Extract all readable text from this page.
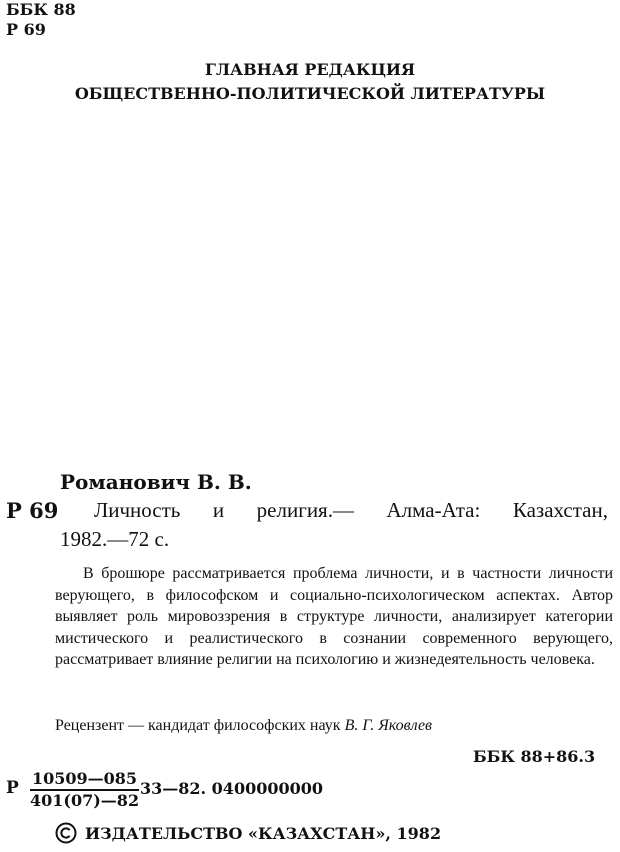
ББК 88
Р 69
ГЛАВНАЯ РЕДАКЦИЯ
ОБЩЕСТВЕННО-ПОЛИТИЧЕСКОЙ ЛИТЕРАТУРЫ
Романович В. В.
Р 69 Личность и религия.— Алма-Ата: Казахстан,
1982.—72 с.
В брошюре рассматривается проблема личности, и в частности личности верующего, в философском и социально-психологическом аспектах. Автор выявляет роль мировоззрения в структуре личности, анализирует категории мистического и реалистического в сознании современного верующего, рассматривает влияние религии на психологию и жизнедеятельность человека.
Рецензент — кандидат философских наук В. Г. Яковлев
ББК 88+86.3
Р $\frac{10509—085}{401(07)—82}$ 33—82. 0400000000
ИЗДАТЕЛЬСТВО «КАЗАХСТАН», 1982
